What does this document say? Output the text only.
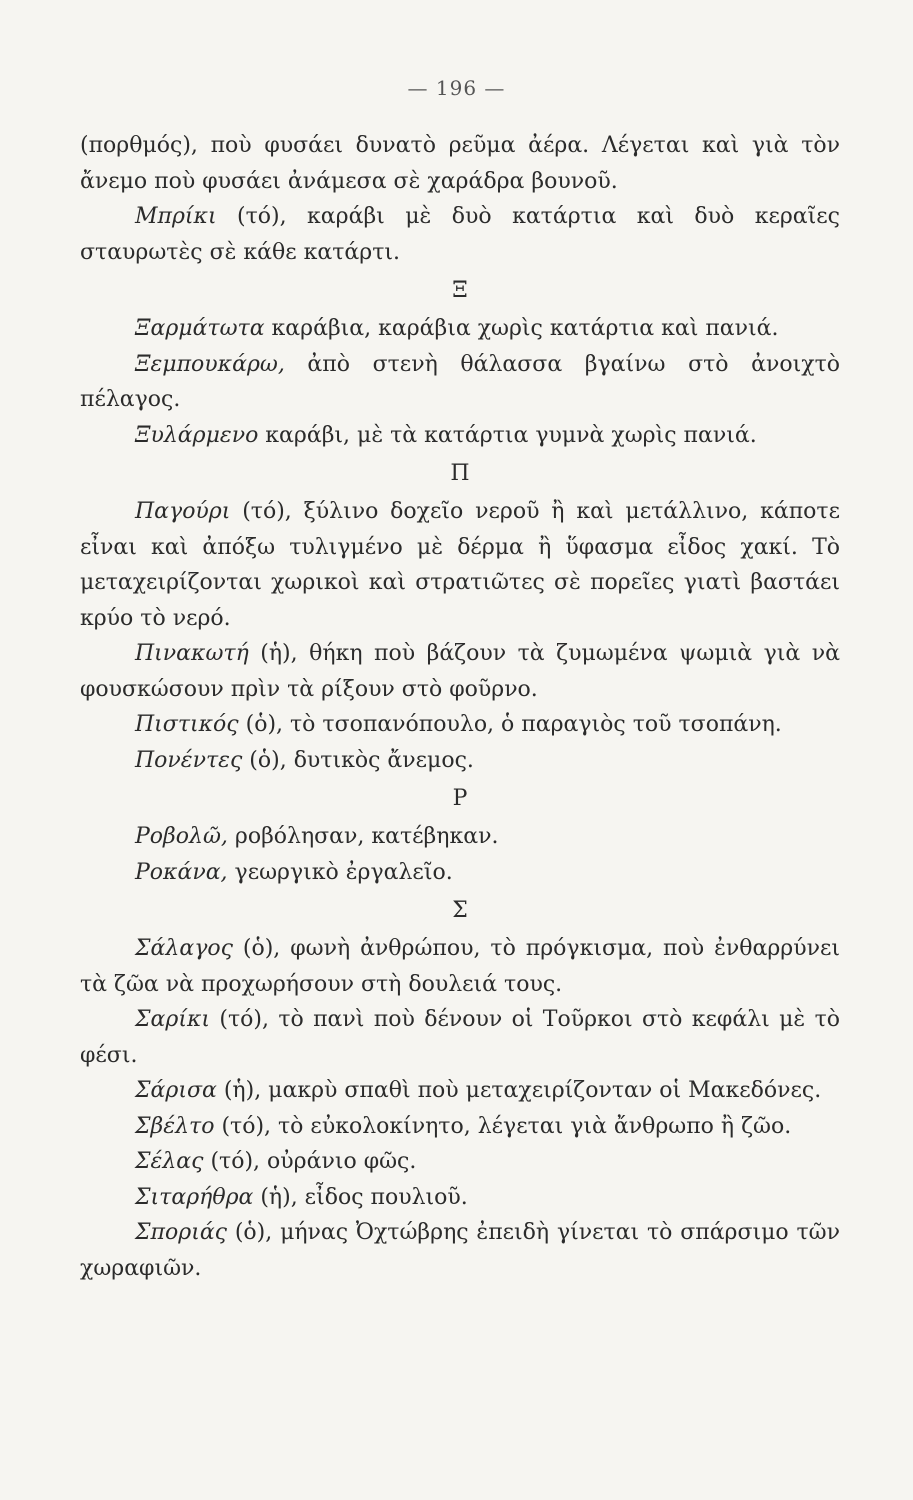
— 196 —

(πορθμός), ποὺ φυσάει δυνατὸ ρεῦμα ἀέρα. Λέγεται καὶ γιὰ τὸν ἄνεμο ποὺ φυσάει ἀνάμεσα σὲ χαράδρα βουνοῦ.

Μπρίκι (τό), καράβι μὲ δυὸ κατάρτια καὶ δυὸ κεραῖες σταυρωτὲς σὲ κάθε κατάρτι.

Ξ

Ξαρμάτωτα καράβια, καράβια χωρὶς κατάρτια καὶ πανιά.

Ξεμπουκάρω, ἀπὸ στενὴ θάλασσα βγαίνω στὸ ἀνοιχτὸ πέλαγος.

Ξυλάρμενο καράβι, μὲ τὰ κατάρτια γυμνὰ χωρὶς πανιά.

Π

Παγούρι (τό), ξύλινο δοχεῖο νεροῦ ἢ καὶ μετάλλινο, κάποτε εἶναι καὶ ἀπόξω τυλιγμένο μὲ δέρμα ἢ ὕφασμα εἶδος χακί. Τὸ μεταχειρίζονται χωρικοὶ καὶ στρατιῶτες σὲ πορεῖες γιατὶ βαστάει κρύο τὸ νερό.

Πινακωτή (ἡ), θήκη ποὺ βάζουν τὰ ζυμωμένα ψωμιὰ γιὰ νὰ φουσκώσουν πρὶν τὰ ρίξουν στὸ φοῦρνο.

Πιστικός (ὁ), τὸ τσοπανόπουλο, ὁ παραγιὸς τοῦ τσοπάνη.

Πονέντες (ὁ), δυτικὸς ἄνεμος.

Ρ

Ροβολῶ, ροβόλησαν, κατέβηκαν.

Ροκάνα, γεωργικὸ ἐργαλεῖο.

Σ

Σάλαγος (ὁ), φωνὴ ἀνθρώπου, τὸ πρόγκισμα, ποὺ ἐνθαρρύνει τὰ ζῶα νὰ προχωρήσουν στὴ δουλειά τους.

Σαρίκι (τό), τὸ πανὶ ποὺ δένουν οἱ Τοῦρκοι στὸ κεφάλι μὲ τὸ φέσι.

Σάρισα (ἡ), μακρὺ σπαθὶ ποὺ μεταχειρίζονταν οἱ Μακεδόνες.

Σβέλτο (τό), τὸ εὐκολοκίνητο, λέγεται γιὰ ἄνθρωπο ἢ ζῶο.

Σέλας (τό), οὐράνιο φῶς.

Σιταρήθρα (ἡ), εἶδος πουλιοῦ.

Σποριάς (ὁ), μήνας Ὀχτώβρης ἐπειδὴ γίνεται τὸ σπάρσιμο τῶν χωραφιῶν.
